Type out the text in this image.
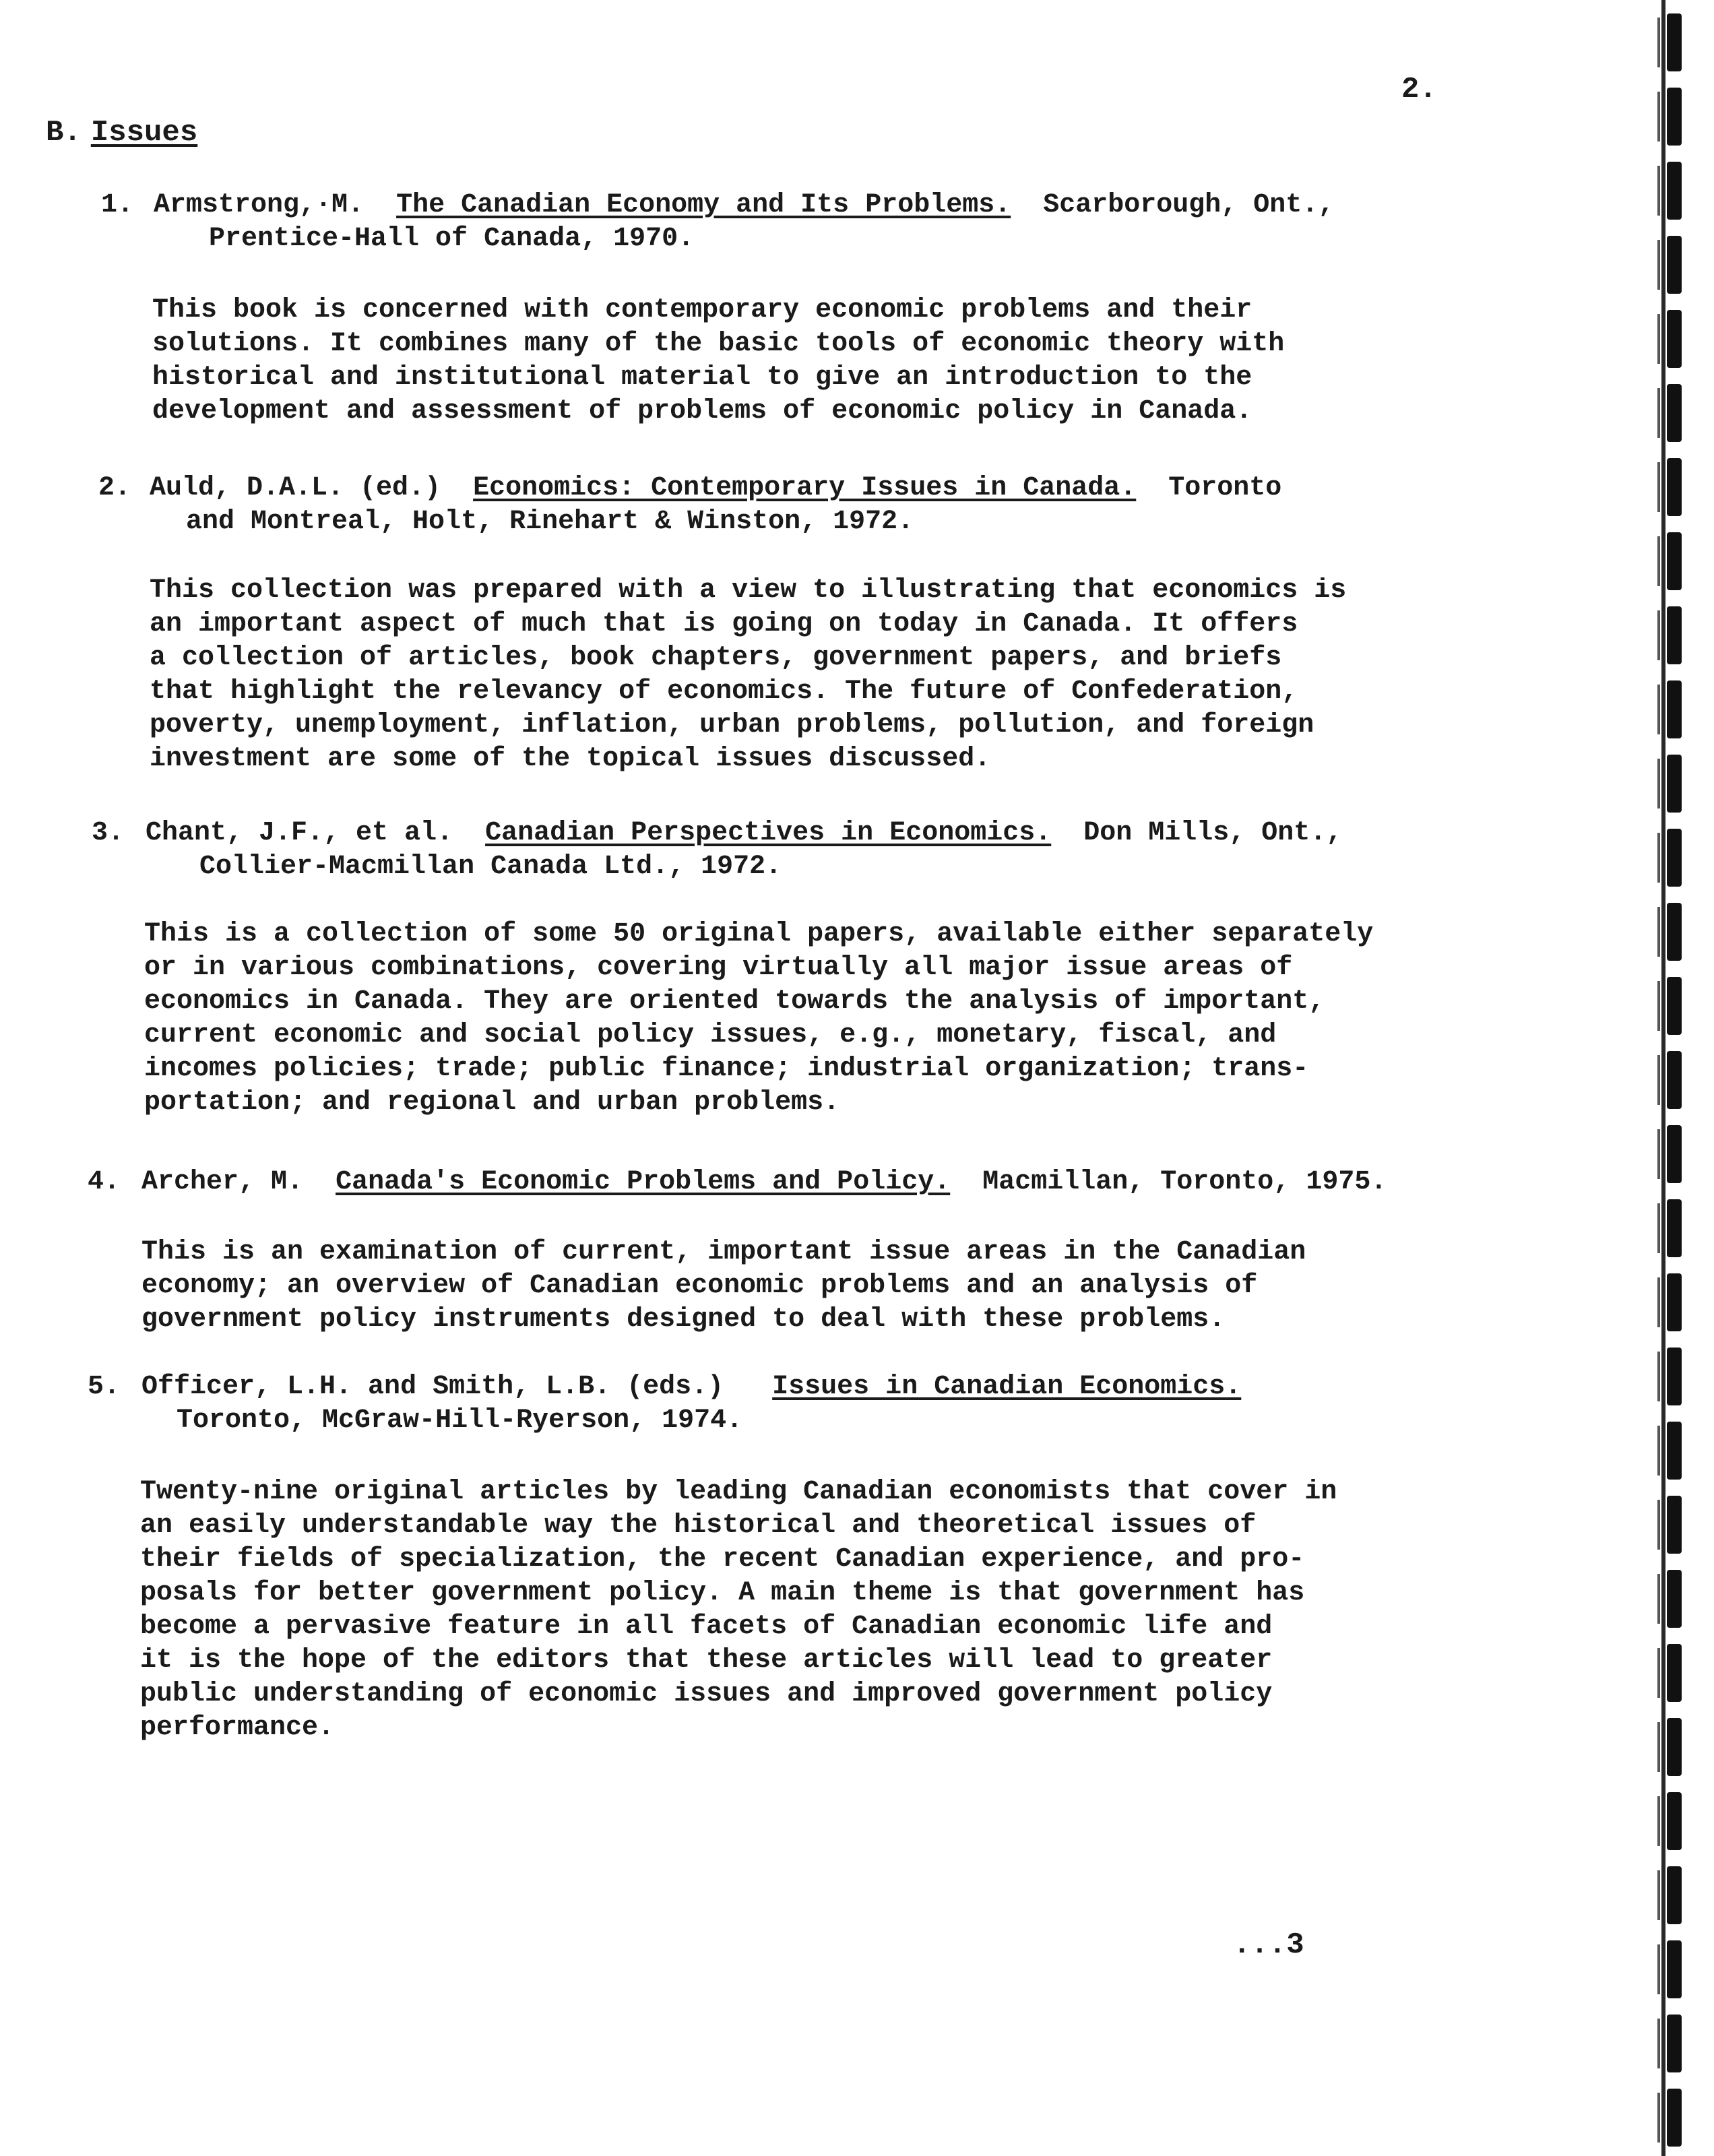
2.
B. Issues
1. Armstrong,·M. The Canadian Economy and Its Problems. Scarborough, Ont.,
Prentice-Hall of Canada, 1970.
This book is concerned with contemporary economic problems and their
solutions. It combines many of the basic tools of economic theory with
historical and institutional material to give an introduction to the
development and assessment of problems of economic policy in Canada.
2. Auld, D.A.L. (ed.) Economics: Contemporary Issues in Canada. Toronto
and Montreal, Holt, Rinehart & Winston, 1972.
This collection was prepared with a view to illustrating that economics is
an important aspect of much that is going on today in Canada. It offers
a collection of articles, book chapters, government papers, and briefs
that highlight the relevancy of economics. The future of Confederation,
poverty, unemployment, inflation, urban problems, pollution, and foreign
investment are some of the topical issues discussed.
3. Chant, J.F., et al. Canadian Perspectives in Economics. Don Mills, Ont.,
Collier-Macmillan Canada Ltd., 1972.
This is a collection of some 50 original papers, available either separately
or in various combinations, covering virtually all major issue areas of
economics in Canada. They are oriented towards the analysis of important,
current economic and social policy issues, e.g., monetary, fiscal, and
incomes policies; trade; public finance; industrial organization; trans-
portation; and regional and urban problems.
4. Archer, M. Canada's Economic Problems and Policy. Macmillan, Toronto, 1975.
This is an examination of current, important issue areas in the Canadian
economy; an overview of Canadian economic problems and an analysis of
government policy instruments designed to deal with these problems.
5. Officer, L.H. and Smith, L.B. (eds.) Issues in Canadian Economics.
Toronto, McGraw-Hill-Ryerson, 1974.
Twenty-nine original articles by leading Canadian economists that cover in
an easily understandable way the historical and theoretical issues of
their fields of specialization, the recent Canadian experience, and pro-
posals for better government policy. A main theme is that government has
become a pervasive feature in all facets of Canadian economic life and
it is the hope of the editors that these articles will lead to greater
public understanding of economic issues and improved government policy
performance.
...3
